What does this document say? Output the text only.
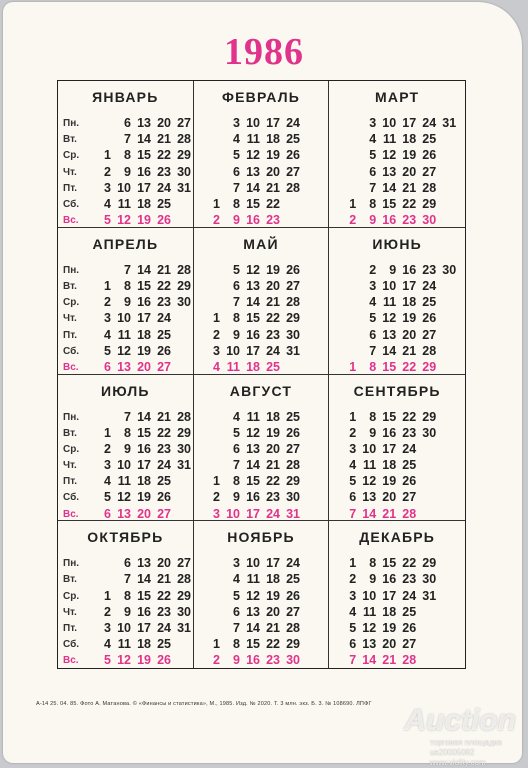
1986
ЯНВАРЬ
Пн.
Вт.
Ср.
Чт.
Пт.
Сб.
Вс.
1
2
3
4
5
6
7
8
9
10
11
12
13
14
15
16
17
18
19
20
21
22
23
24
25
26
27
28
29
30
31
ФЕВРАЛЬ
1
2
3
4
5
6
7
8
9
10
11
12
13
14
15
16
17
18
19
20
21
22
23
24
25
26
27
28
МАРТ
1
2
3
4
5
6
7
8
9
10
11
12
13
14
15
16
17
18
19
20
21
22
23
24
25
26
27
28
29
30
31
АПРЕЛЬ
Пн.
Вт.
Ср.
Чт.
Пт.
Сб.
Вс.
1
2
3
4
5
6
7
8
9
10
11
12
13
14
15
16
17
18
19
20
21
22
23
24
25
26
27
28
29
30
МАЙ
1
2
3
4
5
6
7
8
9
10
11
12
13
14
15
16
17
18
19
20
21
22
23
24
25
26
27
28
29
30
31
ИЮНЬ
1
2
3
4
5
6
7
8
9
10
11
12
13
14
15
16
17
18
19
20
21
22
23
24
25
26
27
28
29
30
ИЮЛЬ
Пн.
Вт.
Ср.
Чт.
Пт.
Сб.
Вс.
1
2
3
4
5
6
7
8
9
10
11
12
13
14
15
16
17
18
19
20
21
22
23
24
25
26
27
28
29
30
31
АВГУСТ
1
2
3
4
5
6
7
8
9
10
11
12
13
14
15
16
17
18
19
20
21
22
23
24
25
26
27
28
29
30
31
СЕНТЯБРЬ
1
2
3
4
5
6
7
8
9
10
11
12
13
14
15
16
17
18
19
20
21
22
23
24
25
26
27
28
29
30
ОКТЯБРЬ
Пн.
Вт.
Ср.
Чт.
Пт.
Сб.
Вс.
1
2
3
4
5
6
7
8
9
10
11
12
13
14
15
16
17
18
19
20
21
22
23
24
25
26
27
28
29
30
31
НОЯБРЬ
1
2
3
4
5
6
7
8
9
10
11
12
13
14
15
16
17
18
19
20
21
22
23
24
25
26
27
28
29
30
ДЕКАБРЬ
1
2
3
4
5
6
7
8
9
10
11
12
13
14
15
16
17
18
19
20
21
22
23
24
25
26
27
28
29
30
31
А-14 25. 04. 85. Фото А. Матанова. © «Финансы и статистика», М., 1985. Изд. № 2020. Т. 3 млн. экз. Б. 3. № 108690. ЛПФГ Auction
торговая площадка
ua20005082
www.violity.com
